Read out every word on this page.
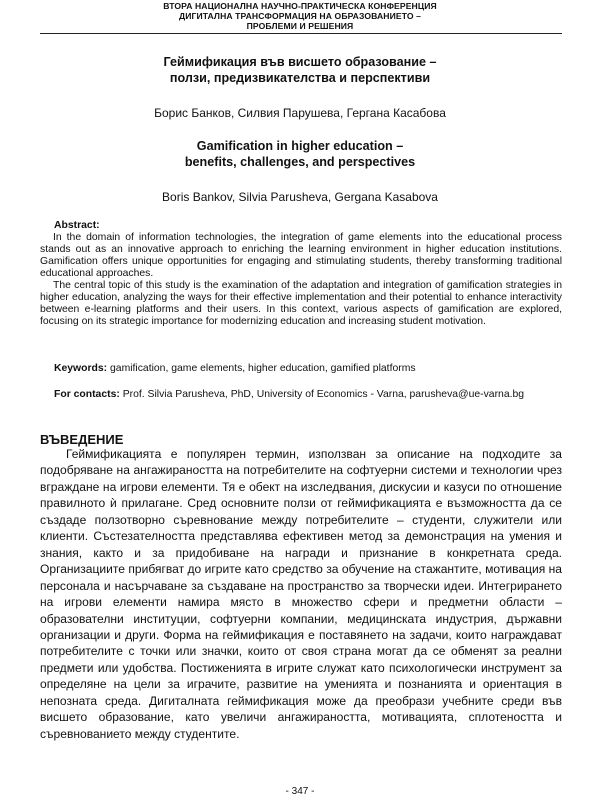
ВТОРА НАЦИОНАЛНА НАУЧНО-ПРАКТИЧЕСКА КОНФЕРЕНЦИЯ
ДИГИТАЛНА ТРАНСФОРМАЦИЯ НА ОБРАЗОВАНИЕТО –
ПРОБЛЕМИ И РЕШЕНИЯ
Геймификация във висшето образование –
ползи, предизвикателства и перспективи
Борис Банков, Силвия Парушева, Гергана Касабова
Gamification in higher education –
benefits, challenges, and perspectives
Boris Bankov, Silvia Parusheva, Gergana Kasabova
Abstract:

In the domain of information technologies, the integration of game elements into the educational process stands out as an innovative approach to enriching the learning environment in higher education institutions. Gamification offers unique opportunities for engaging and stimulating students, thereby transforming traditional educational approaches.

The central topic of this study is the examination of the adaptation and integration of gamification strategies in higher education, analyzing the ways for their effective implementation and their potential to enhance interactivity between e-learning platforms and their users. In this context, various aspects of gamification are explored, focusing on its strategic importance for modernizing education and increasing student motivation.

Keywords: gamification, game elements, higher education, gamified platforms
For contacts: Prof. Silvia Parusheva, PhD, University of Economics - Varna, parusheva@ue-varna.bg
ВЪВЕДЕНИЕ

Геймификацията е популярен термин, използван за описание на подходите за подобряване на ангажираността на потребителите на софтуерни системи и технологии чрез вграждане на игрови елементи. Тя е обект на изследвания, дискусии и казуси по отношение правилното ѝ прилагане. Сред основните ползи от геймификацията е възможността да се създаде ползотворно съревнование между потребителите – студенти, служители или клиенти. Състезателността представлява ефективен метод за демонстрация на умения и знания, както и за придобиване на награди и признание в конкретната среда. Организациите прибягват до игрите като средство за обучение на стажантите, мотивация на персонала и насърчаване за създаване на пространство за творчески идеи. Интегрирането на игрови елементи намира място в множество сфери и предметни области – образователни институции, софтуерни компании, медицинската индустрия, държавни организации и други. Форма на геймификация е поставянето на задачи, които награждават потребителите с точки или значки, които от своя страна могат да се обменят за реални предмети или удобства. Постиженията в игрите служат като психологически инструмент за определяне на цели за играчите, развитие на уменията и познанията и ориентация в непозната среда. Дигиталната геймификация може да преобрази учебните среди във висшето образование, като увеличи ангажираността, мотивацията, сплотеността и съревнованието между студентите.

- 347 -
